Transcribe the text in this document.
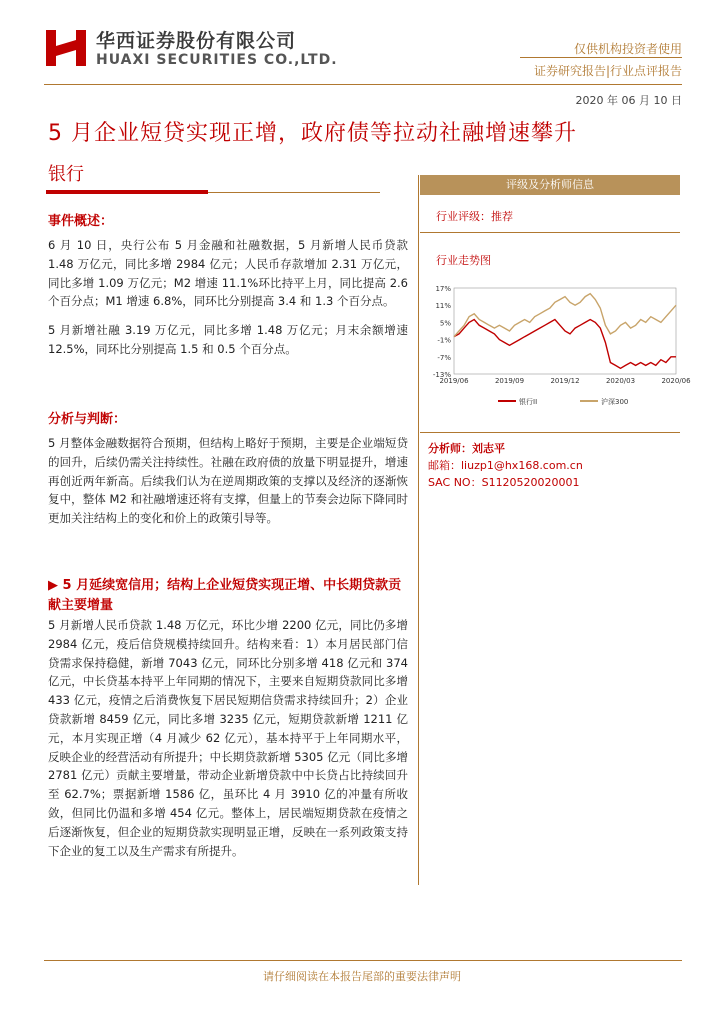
华西证券股份有限公司
HUAXI SECURITIES CO.,LTD.
仅供机构投资者使用
证券研究报告|行业点评报告
2020 年 06 月 10 日
5 月企业短贷实现正增，政府债等拉动社融增速攀升
银行
事件概述：

6 月 10 日，央行公布 5 月金融和社融数据，5 月新增人民币贷款 1.48 万亿元，同比多增 2984 亿元；人民币存款增加 2.31 万亿元，同比多增 1.09 万亿元；M2 增速 11.1%环比持平上月，同比提高 2.6 个百分点；M1 增速 6.8%，同环比分别提高 3.4 和 1.3 个百分点。

5 月新增社融 3.19 万亿元，同比多增 1.48 万亿元；月末余额增速 12.5%，同环比分别提高 1.5 和 0.5 个百分点。

分析与判断：

5 月整体金融数据符合预期，但结构上略好于预期，主要是企业端短贷的回升，后续仍需关注持续性。社融在政府债的放量下明显提升，增速再创近两年新高。后续我们认为在逆周期政策的支撑以及经济的逐渐恢复中，整体 M2 和社融增速还将有支撑，但量上的节奏会边际下降同时更加关注结构上的变化和价上的政策引导等。

▶ 5 月延续宽信用；结构上企业短贷实现正增、中长期贷款贡献主要增量

5 月新增人民币贷款 1.48 万亿元，环比少增 2200 亿元，同比仍多增 2984 亿元，疫后信贷规模持续回升。结构来看：1）本月居民部门信贷需求保持稳健，新增 7043 亿元，同环比分别多增 418 亿元和 374 亿元，中长贷基本持平上年同期的情况下，主要来自短期贷款同比多增 433 亿元，疫情之后消费恢复下居民短期信贷需求持续回升；2）企业贷款新增 8459 亿元，同比多增 3235 亿元，短期贷款新增 1211 亿元，本月实现正增（4 月减少 62 亿元），基本持平于上年同期水平，反映企业的经营活动有所提升；中长期贷款新增 5305 亿元（同比多增 2781 亿元）贡献主要增量，带动企业新增贷款中中长贷占比持续回升至 62.7%；票据新增 1586 亿，虽环比 4 月 3910 亿的冲量有所收敛，但同比仍温和多增 454 亿元。整体上，居民端短期贷款在疫情之后逐渐恢复，但企业的短期贷款实现明显正增，反映在一系列政策支持下企业的复工以及生产需求有所提升。

评级及分析师信息
行业评级：推荐
行业走势图
17%
11%
5%
-1%
-7%
-13%
2019/06	2019/09	2019/12	2020/03	2020/06
银行II	沪深300
分析师：刘志平
邮箱：liuzp1@hx168.com.cn
SAC NO：S1120520020001
请仔细阅读在本报告尾部的重要法律声明
